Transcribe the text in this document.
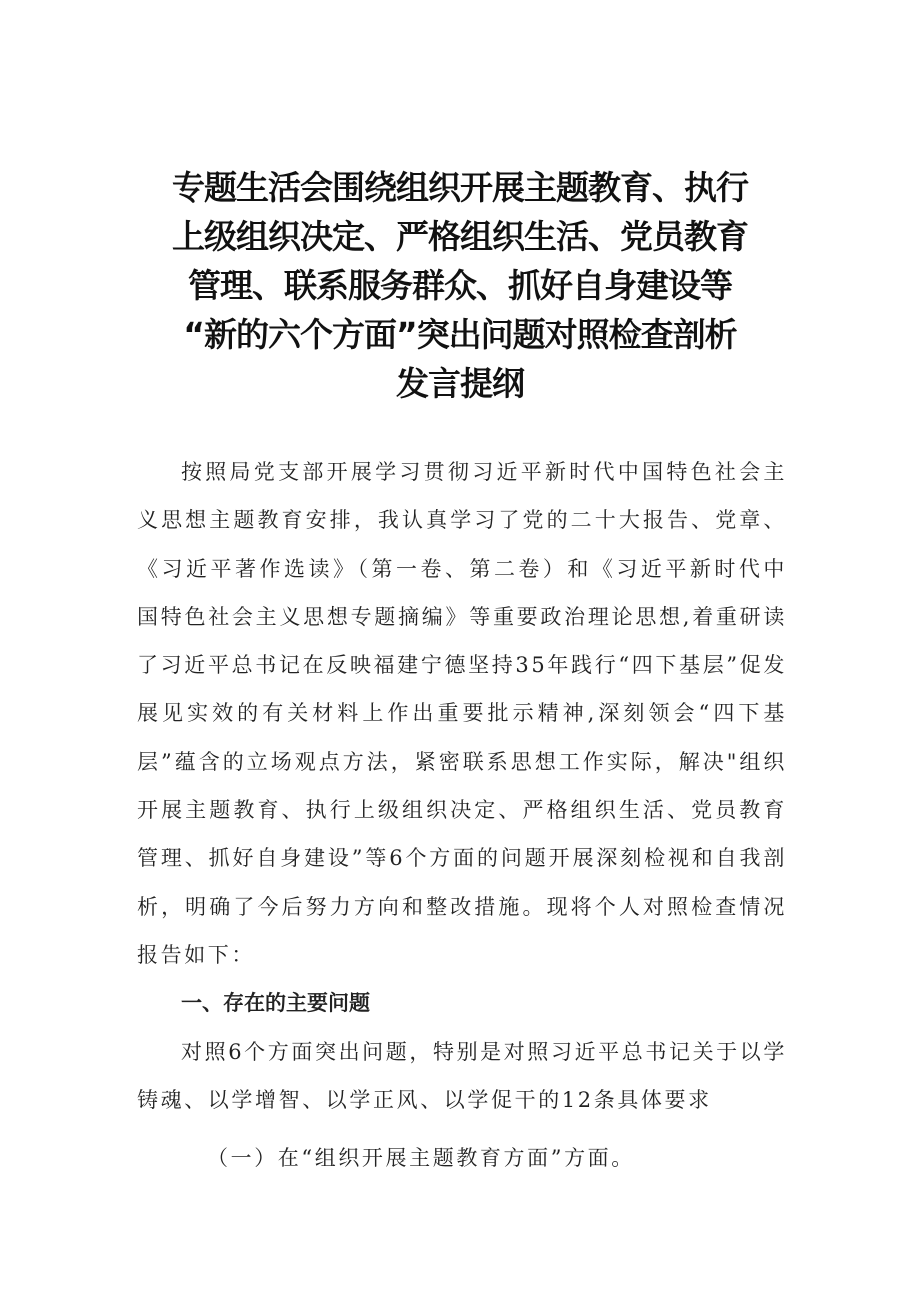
专题生活会围绕组织开展主题教育、执行
上级组织决定、严格组织生活、党员教育
管理、联系服务群众、抓好自身建设等
“新的六个方面”突出问题对照检查剖析
发言提纲

按照局党支部开展学习贯彻习近平新时代中国特色社会主义思想主题教育安排，我认真学习了党的二十大报告、党章、《习近平著作选读》（第一卷、第二卷）和《习近平新时代中国特色社会主义思想专题摘编》等重要政治理论思想,着重研读了习近平总书记在反映福建宁德坚持35年践行“四下基层”促发展见实效的有关材料上作出重要批示精神,深刻领会“四下基层”蕴含的立场观点方法，紧密联系思想工作实际，解决"组织开展主题教育、执行上级组织决定、严格组织生活、党员教育管理、抓好自身建设”等6个方面的问题开展深刻检视和自我剖析，明确了今后努力方向和整改措施。现将个人对照检查情况报告如下：

一、存在的主要问题

对照6个方面突出问题，特别是对照习近平总书记关于以学铸魂、以学增智、以学正风、以学促干的12条具体要求

（一）在“组织开展主题教育方面”方面。
